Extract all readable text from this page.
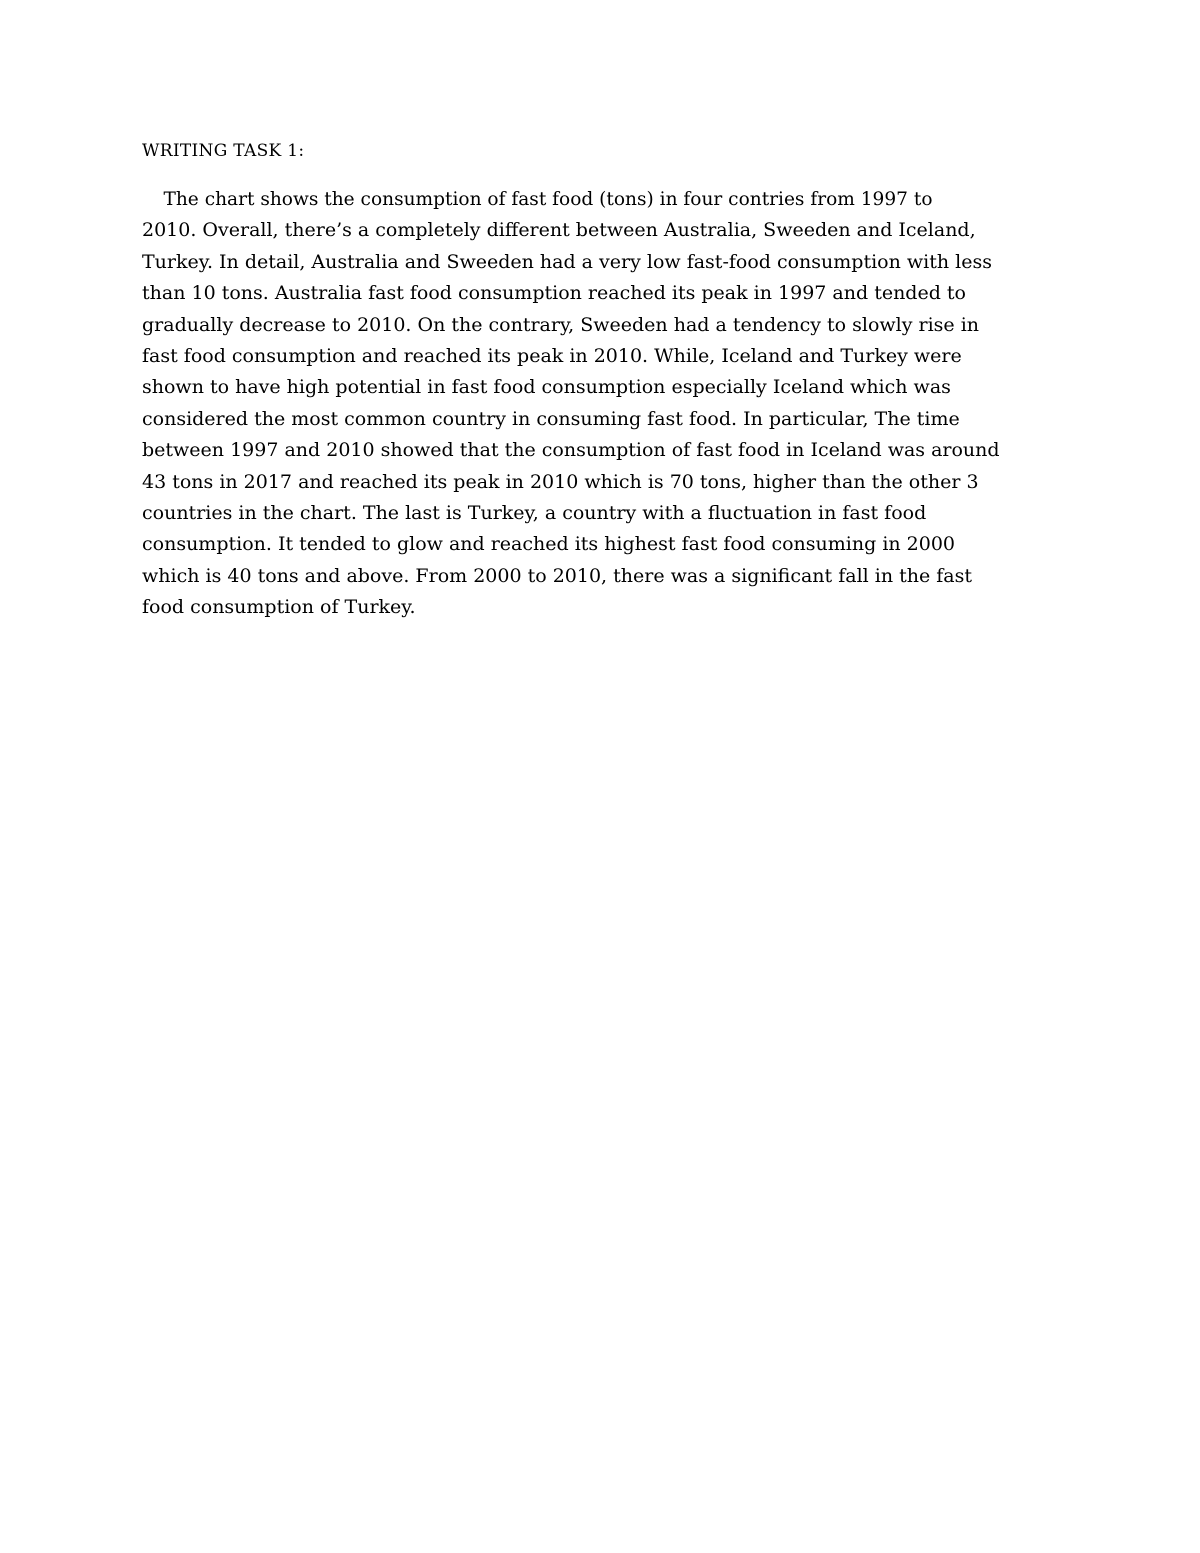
WRITING TASK 1:
The chart shows the consumption of fast food (tons) in four contries from 1997 to
2010. Overall, there’s a completely different between Australia, Sweeden and Iceland,
Turkey. In detail, Australia and Sweeden had a very low fast-food consumption with less
than 10 tons. Australia fast food consumption reached its peak in 1997 and tended to
gradually decrease to 2010. On the contrary, Sweeden had a tendency to slowly rise in
fast food consumption and reached its peak in 2010. While, Iceland and Turkey were
shown to have high potential in fast food consumption especially Iceland which was
considered the most common country in consuming fast food. In particular, The time
between 1997 and 2010 showed that the consumption of fast food in Iceland was around
43 tons in 2017 and reached its peak in 2010 which is 70 tons, higher than the other 3
countries in the chart. The last is Turkey, a country with a fluctuation in fast food
consumption. It tended to glow and reached its highest fast food consuming in 2000
which is 40 tons and above. From 2000 to 2010, there was a significant fall in the fast
food consumption of Turkey.
